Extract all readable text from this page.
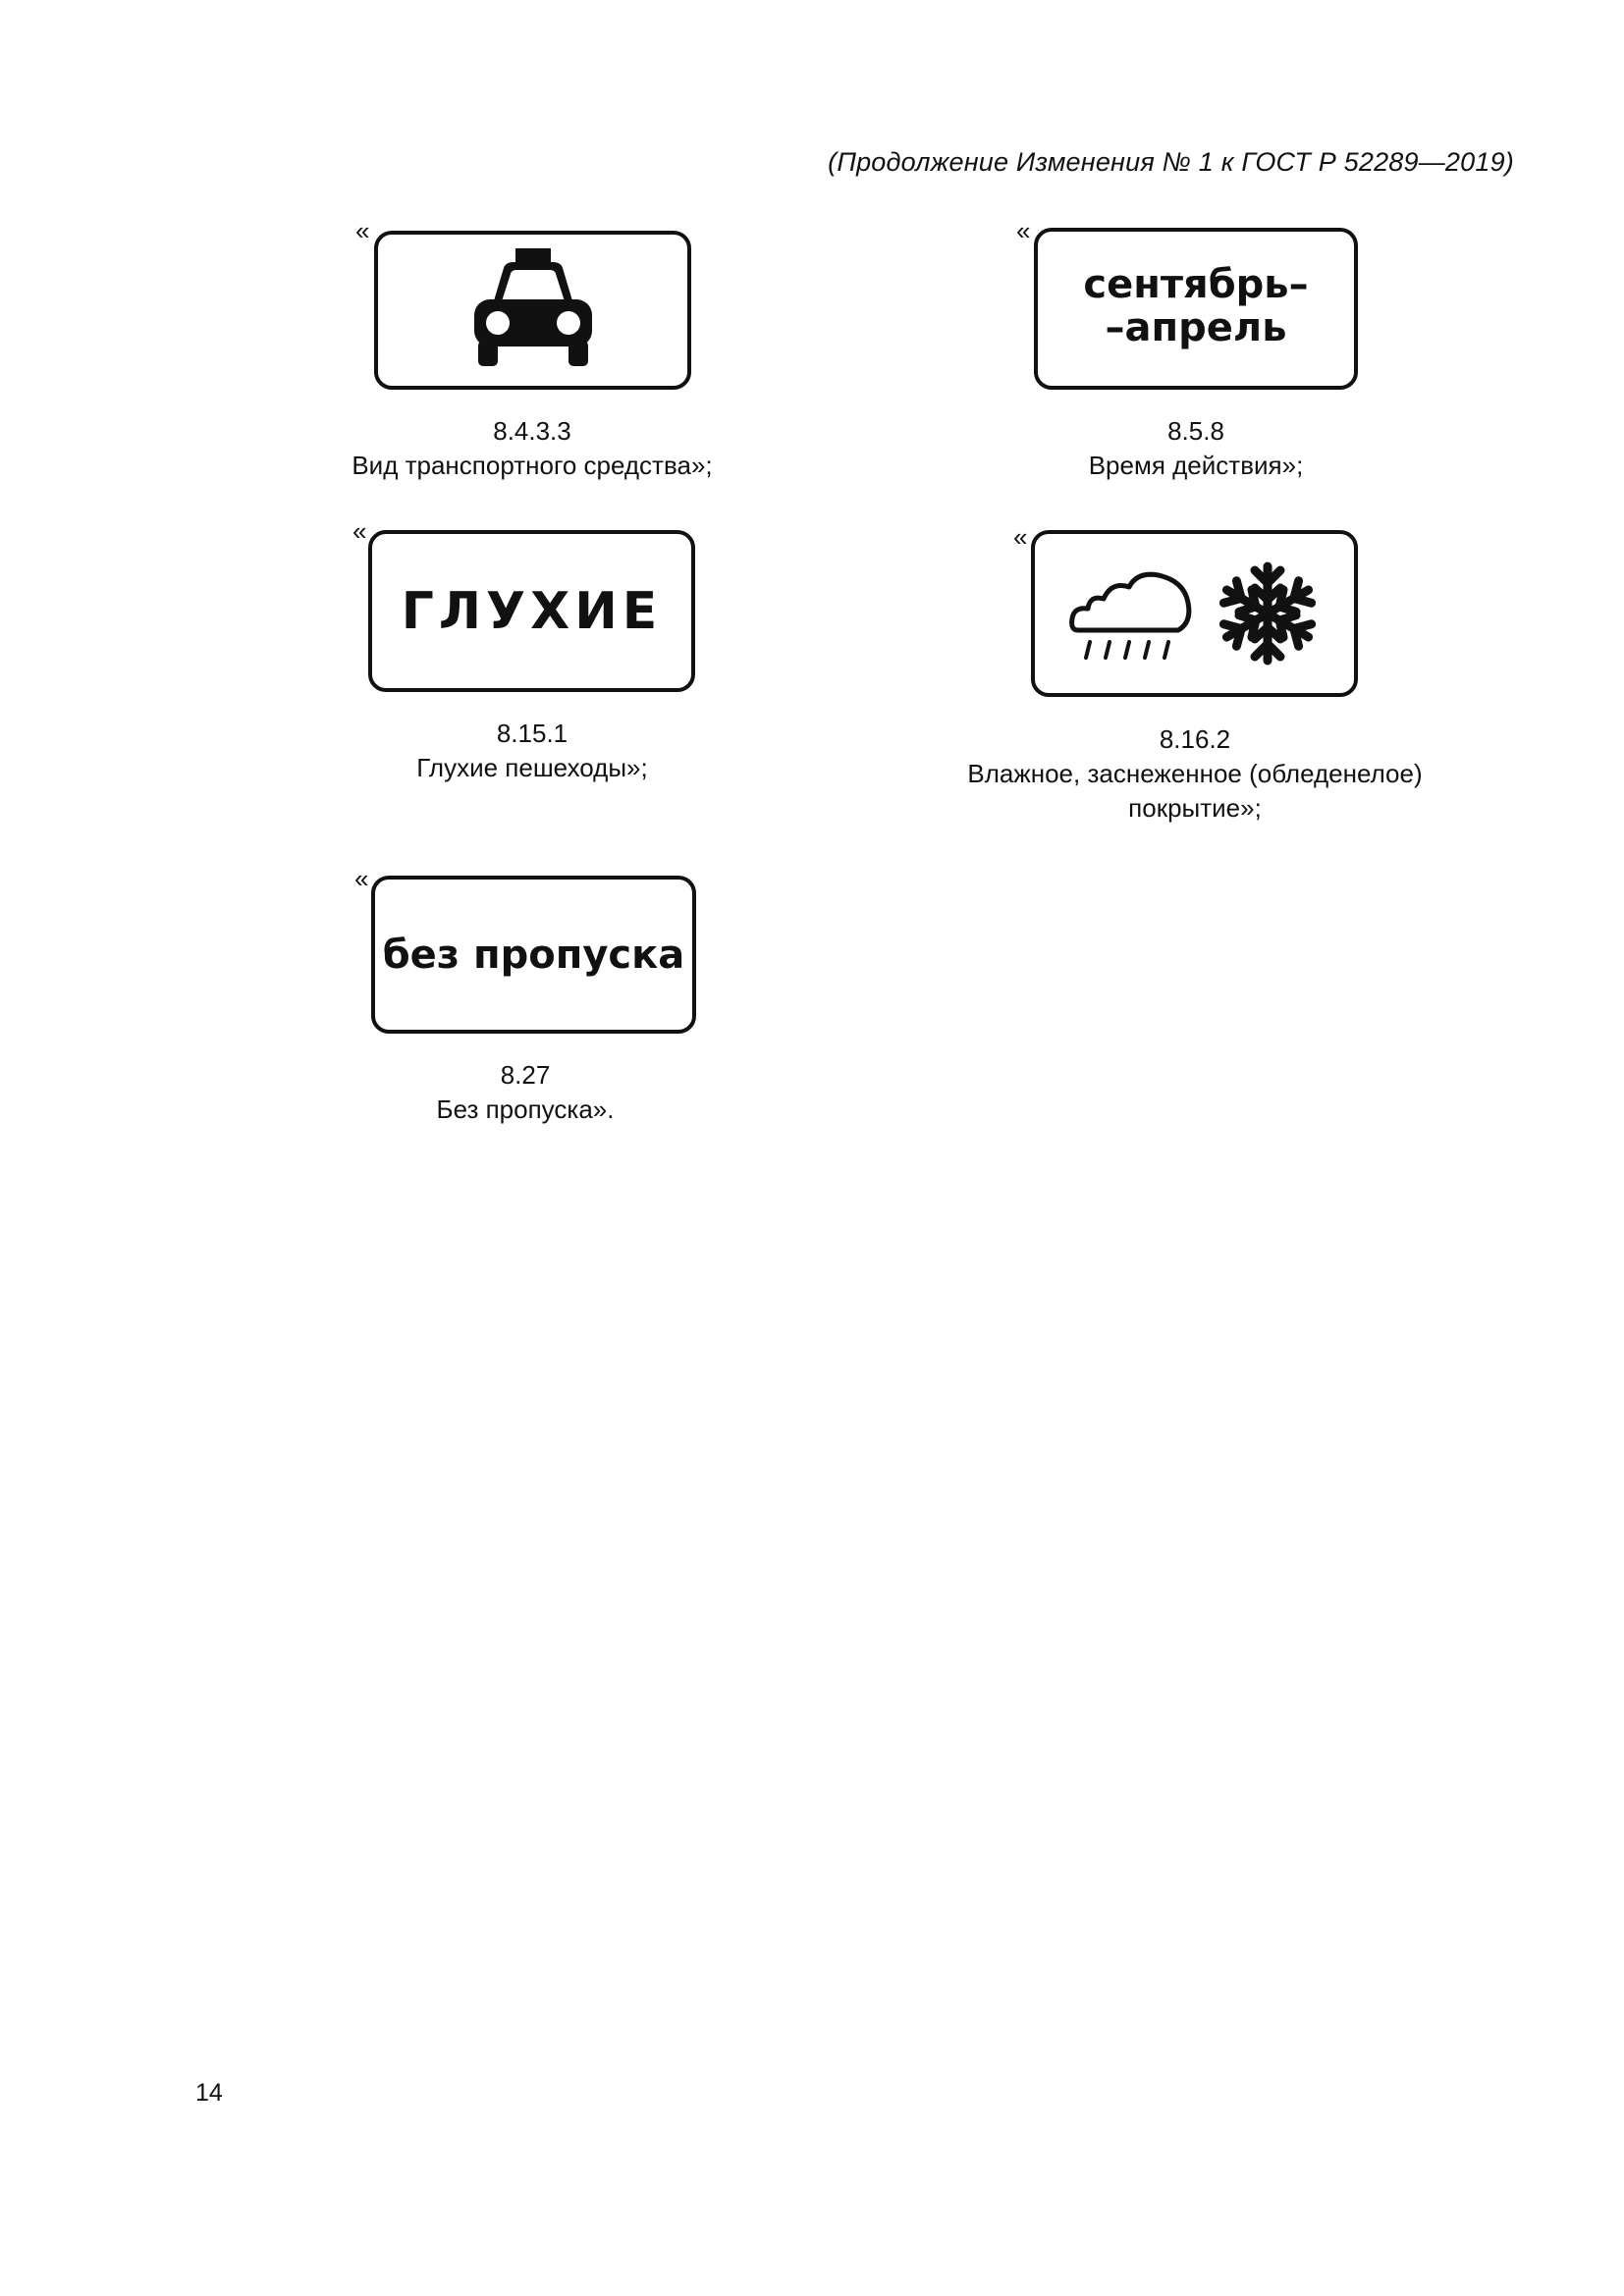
(Продолжение Изменения № 1 к ГОСТ Р 52289—2019)
«
8.4.3.3
Вид транспортного средства»;
«
сентябрь–
–апрель
8.5.8
Время действия»;
«
ГЛУХИЕ
8.15.1
Глухие пешеходы»;
«
8.16.2
Влажное, заснеженное (обледенелое)
покрытие»;
«
без пропуска
8.27
Без пропуска».
14
